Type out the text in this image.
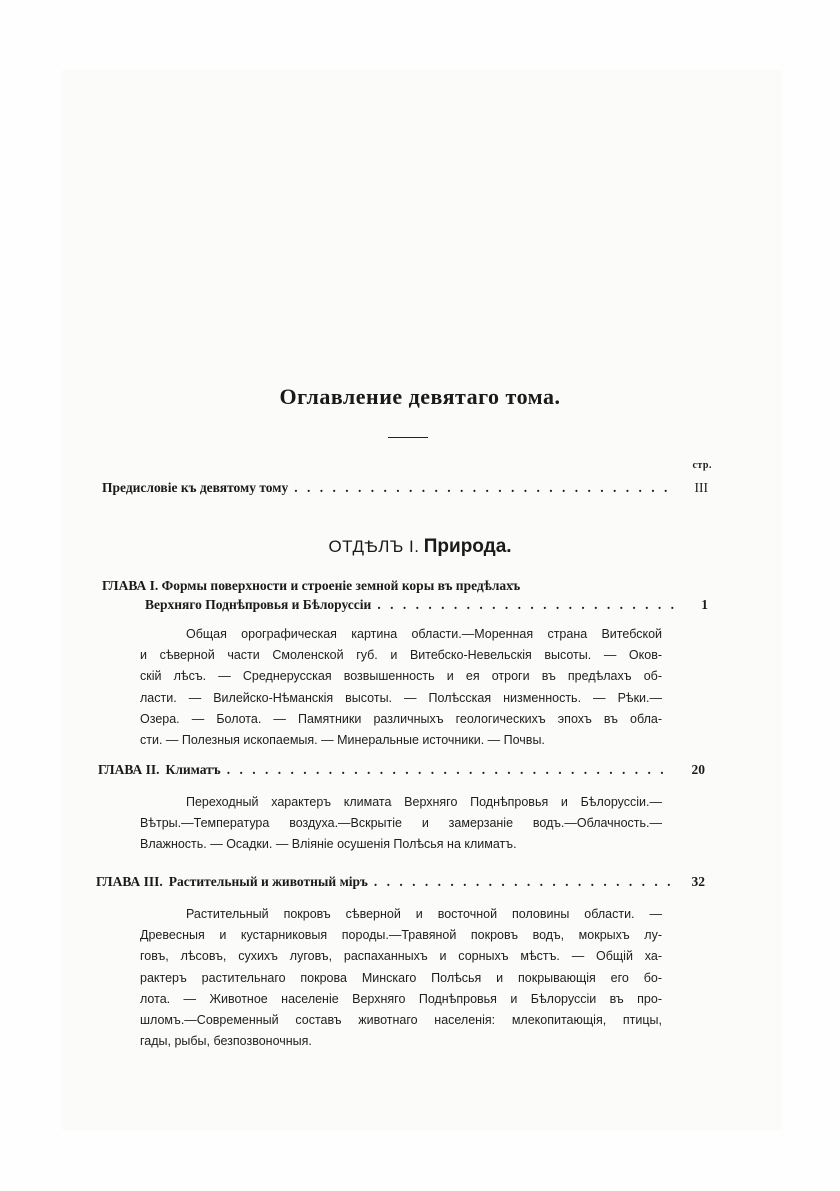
Оглавление девятаго тома.
стр.
Предисловіе къ девятому тому . . .	III
ОТДѢЛЪ I. Природа.
ГЛАВА I. Формы поверхности и строеніе земной коры въ предѣлахъ
Верхняго Поднѣпровья и Бѣлоруссіи . . .	1
Общая орографическая картина области.—Моренная страна Витебской
и сѣверной части Смоленской губ. и Витебско-Невельскія высоты. — Оков-
скій лѣсъ. — Среднерусская возвышенность и ея отроги въ предѣлахъ об-
ласти. — Вилейско-Нѣманскія высоты. — Полѣсская низменность. — Рѣки.—
Озера. — Болота. — Памятники различныхъ геологическихъ эпохъ въ обла-
сти. — Полезныя ископаемыя. — Минеральные источники. — Почвы.
ГЛАВА II. Климатъ . . .	20
Переходный характеръ климата Верхняго Поднѣпровья и Бѣлоруссіи.—
Вѣтры.—Температура воздуха.—Вскрытіе и замерзаніе водъ.—Облачность.—
Влажность. — Осадки. — Вліяніе осушенія Полѣсья на климатъ.
ГЛАВА III. Растительный и животный міръ . . .	32
Растительный покровъ сѣверной и восточной половины области. —
Древесныя и кустарниковыя породы.—Травяной покровъ водъ, мокрыхъ лу-
говъ, лѣсовъ, сухихъ луговъ, распаханныхъ и сорныхъ мѣстъ. — Общій ха-
рактеръ растительнаго покрова Минскаго Полѣсья и покрывающія его бо-
лота. — Животное населеніе Верхняго Поднѣпровья и Бѣлоруссіи въ про-
шломъ.—Современный составъ животнаго населенія: млекопитающія, птицы,
гады, рыбы, безпозвоночныя.
